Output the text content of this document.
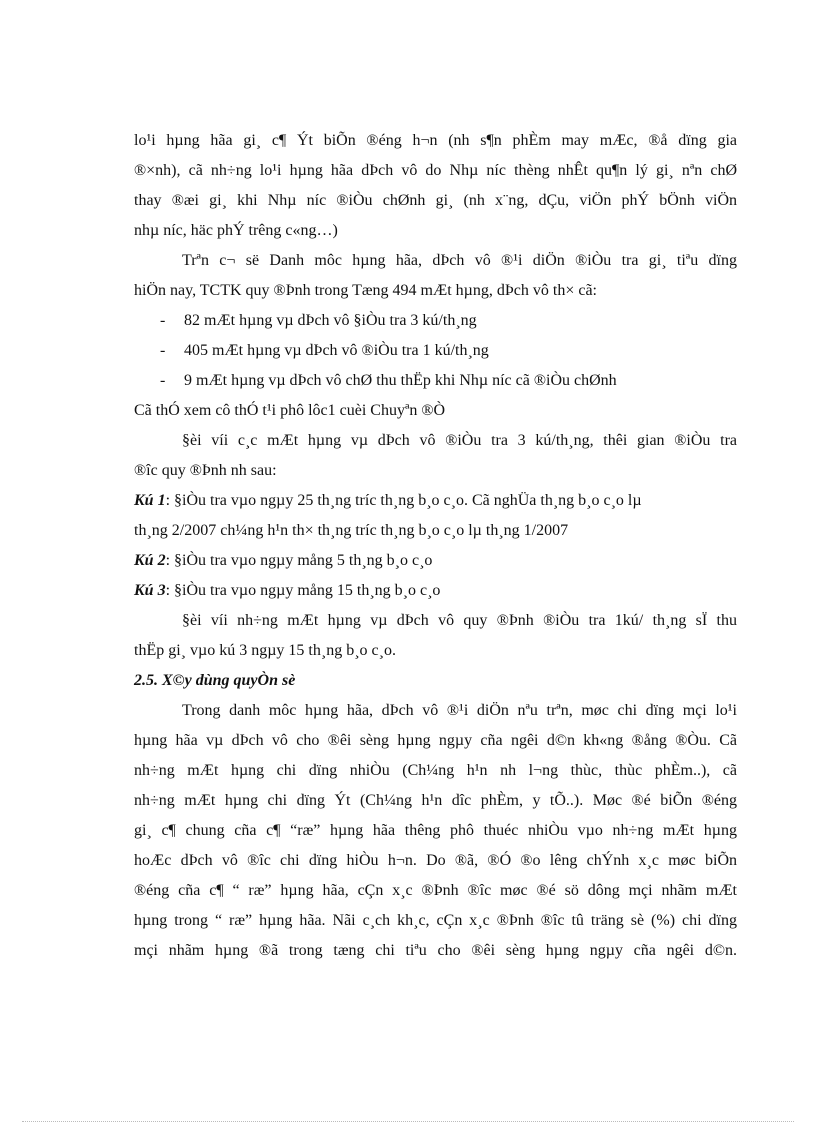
lo¹i hµng hãa gi¸ c¶ Ýt biÕn ®éng h¬n (nh s¶n phÈm may mÆc, ®å dïng gia
®×nh), cã nh÷ng lo¹i hµng hãa dÞch vô do Nhµ níc thèng nhÊt qu¶n lý gi¸ nªn chØ
thay ®æi gi¸ khi Nhµ níc ®iÒu chØnh gi¸ (nh x¨ng, dÇu, viÖn phÝ bÖnh viÖn
nhµ níc, häc phÝ trêng c«ng…)
Trªn c¬ së Danh môc hµng hãa, dÞch vô ®¹i diÖn ®iÒu tra gi¸ tiªu dïng
hiÖn nay, TCTK quy ®Þnh trong Tæng 494 mÆt hµng, dÞch vô th× cã:
- 82 mÆt hµng vµ dÞch vô §iÒu tra 3 kú/th¸ng
- 405 mÆt hµng vµ dÞch vô ®iÒu tra 1 kú/th¸ng
- 9 mÆt hµng vµ dÞch vô chØ thu thËp khi Nhµ níc cã ®iÒu chØnh
Cã thÓ xem cô thÓ t¹i phô lôc1 cuèi Chuyªn ®Ò
§èi víi c¸c mÆt hµng vµ dÞch vô ®iÒu tra 3 kú/th¸ng, thêi gian ®iÒu tra
®îc quy ®Þnh nh sau:
Kú 1: §iÒu tra vµo ngµy 25 th¸ng tríc th¸ng b¸o c¸o. Cã nghÜa th¸ng b¸o c¸o lµ
th¸ng 2/2007 ch¼ng h¹n th× th¸ng tríc th¸ng b¸o c¸o lµ th¸ng 1/2007
Kú 2: §iÒu tra vµo ngµy mång 5 th¸ng b¸o c¸o
Kú 3: §iÒu tra vµo ngµy mång 15 th¸ng b¸o c¸o
§èi víi nh÷ng mÆt hµng vµ dÞch vô quy ®Þnh ®iÒu tra 1kú/ th¸ng sÏ thu
thËp gi¸ vµo kú 3 ngµy 15 th¸ng b¸o c¸o.
2.5. X©y dùng quyÒn sè
Trong danh môc hµng hãa, dÞch vô ®¹i diÖn nªu trªn, møc chi dïng mçi lo¹i
hµng hãa vµ dÞch vô cho ®êi sèng hµng ngµy cña ngêi d©n kh«ng ®ång ®Òu. Cã
nh÷ng mÆt hµng chi dïng nhiÒu (Ch¼ng h¹n nh l¬ng thùc, thùc phÈm..), cã
nh÷ng mÆt hµng chi dïng Ýt (Ch¼ng h¹n dîc phÈm, y tÕ..). Møc ®é biÕn ®éng
gi¸ c¶ chung cña c¶ “ræ” hµng hãa thêng phô thuéc nhiÒu vµo nh÷ng mÆt hµng
hoÆc dÞch vô ®îc chi dïng hiÒu h¬n. Do ®ã, ®Ó ®o lêng chÝnh x¸c møc biÕn
®éng cña c¶ “ ræ” hµng hãa, cÇn x¸c ®Þnh ®îc møc ®é sö dông mçi nhãm mÆt
hµng trong “ ræ” hµng hãa. Nãi c¸ch kh¸c, cÇn x¸c ®Þnh ®îc tû träng sè (%) chi dïng
mçi nhãm hµng ®ã trong tæng chi tiªu cho ®êi sèng hµng ngµy cña ngêi d©n.
